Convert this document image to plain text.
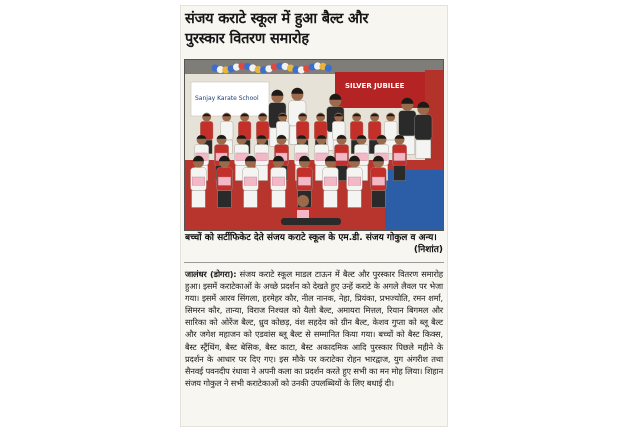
संजय कराटे स्कूल में हुआ बैल्ट और
पुरस्कार वितरण समारोह
Sanjay Karate School
SILVER JUBILEE
बच्चों को सर्टीफिकेट देते संजय कराटे स्कूल के एम.डी. संजय गोकुल व अन्य।
(निशांत)
जालंधर (डोगरा): संजय कराटे स्कूल माडल टाऊन में बैल्ट और पुरस्कार वितरण समारोह हुआ। इसमें कराटेकाओं के अच्छे प्रदर्शन को देखते हुए उन्हें कराटे के अगले लैवल पर भेजा गया। इसमें आरव सिंगला, हरमेहर कौर, नील नानक, नेहा, प्रियंका, प्रभज्योति, रमन शर्मा, सिमरन कौर, तान्या, विराज निश्चल को यैलो बैल्ट, अमायरा मित्तल, रियान बिगमल और सारिका को ओरेंज बैल्ट, ध्रुव कोछड़, वंश सहदेव को ग्रीन बैल्ट, केशव गुप्ता को ब्लू बैल्ट और जगेश महाजन को एडवांस ब्लू बैल्ट से सम्मानित किया गया। बच्चों को बैस्ट किक्स, बैस्ट स्ट्रैंथिंग, बैस्ट बेसिक, बैस्ट काटा, बैस्ट अकादमिक आदि पुरस्कार पिछले महीने के प्रदर्शन के आधार पर दिए गए। इस मौके पर कराटेका रोहन भारद्वाज, युग अंगरीश तथा सैनवई पवनदीप रंधावा ने अपनी कला का प्रदर्शन करते हुए सभी का मन मोह लिया। शिहान संजय गोकुल ने सभी कराटेकाओं को उनकी उपलब्धियों के लिए बधाई दी।
